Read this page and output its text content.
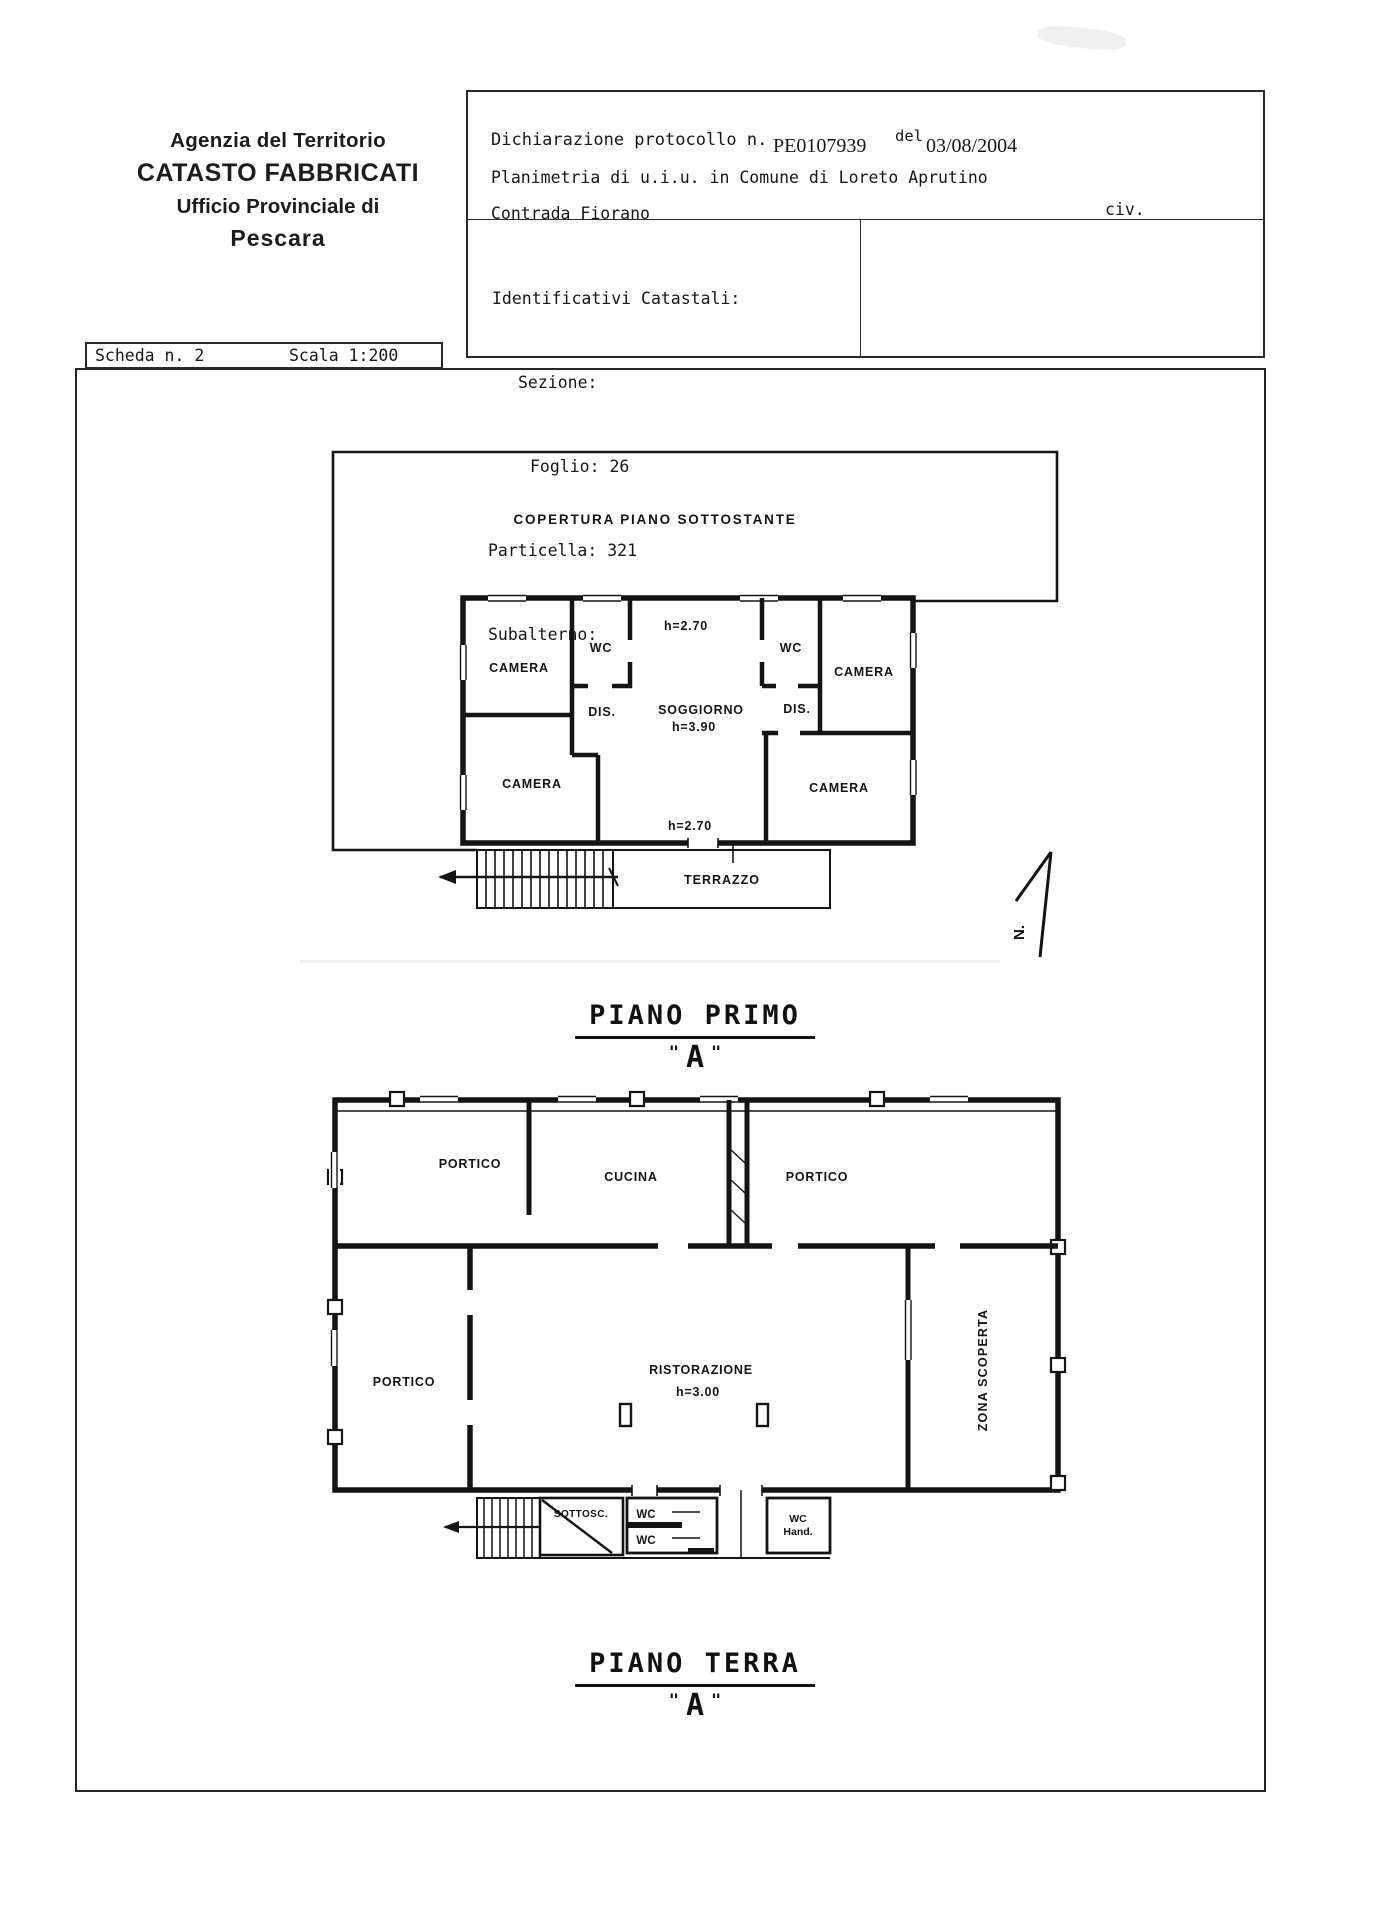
Agenzia del Territorio
CATASTO FABBRICATI
Ufficio Provinciale di
Pescara
Dichiarazione protocollo n. PE0107939 del 03/08/2004
Planimetria di u.i.u. in Comune di Loreto Aprutino
Contrada Fiorano	civ.

Identificativi Catastali:

Sezione:

Foglio: 26

Particella: 321

Subalterno:

Scheda n. 2

	Scala 1:200

COPERTURA PIANO SOTTOSTANTE
CAMERA
WC
h=2.70
WC
CAMERA
DIS.	SOGGIORNO
h=3.90
DIS.
CAMERA	CAMERA
h=2.70
TERRAZZO
N.
PORTICO
CUCINA	PORTICO
PORTICO
RISTORAZIONE
h=3.00	ZONA SCOPERTA
SOTTOSC. WC
WC
WC
Hand.
PIANO PRIMO
" A "
PIANO TERRA
" A "
